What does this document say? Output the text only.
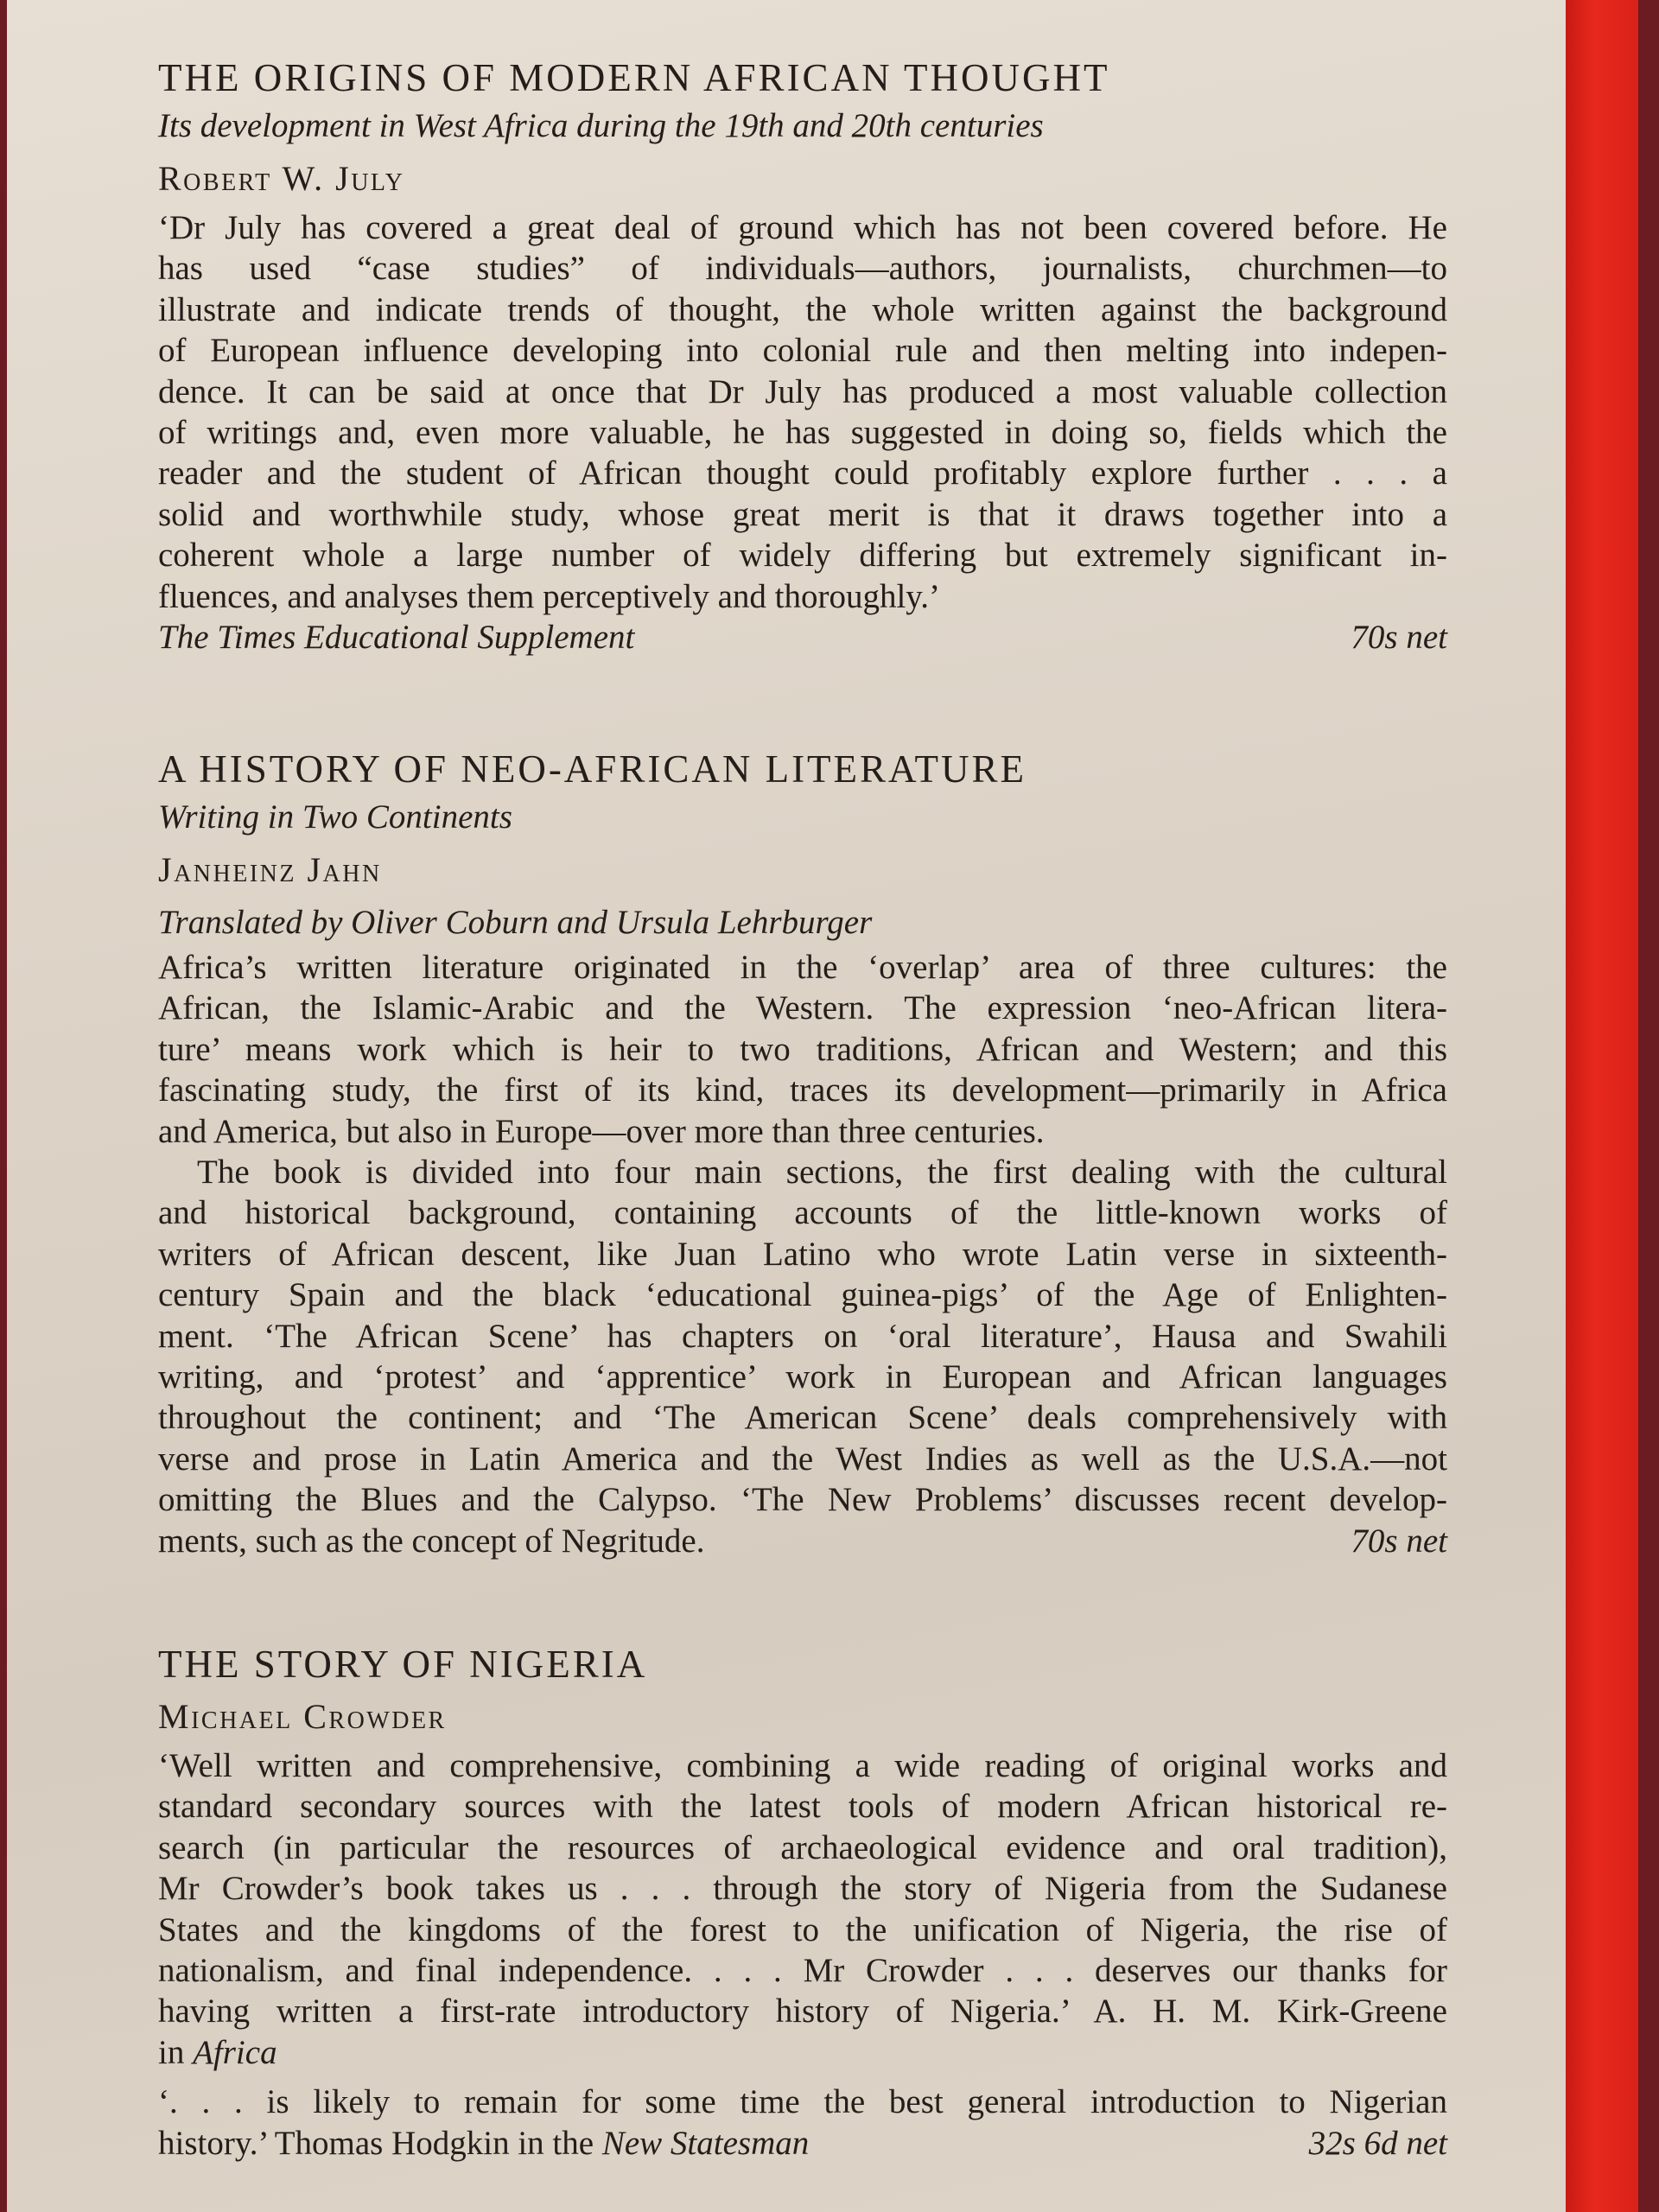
THE ORIGINS OF MODERN AFRICAN THOUGHT
Its development in West Africa during the 19th and 20th centuries
Robert W. July
‘Dr July has covered a great deal of ground which has not been covered before. He
has used “case studies” of individuals—authors, journalists, churchmen—to
illustrate and indicate trends of thought, the whole written against the background
of European influence developing into colonial rule and then melting into indepen-
dence. It can be said at once that Dr July has produced a most valuable collection
of writings and, even more valuable, he has suggested in doing so, fields which the
reader and the student of African thought could profitably explore further . . . a
solid and worthwhile study, whose great merit is that it draws together into a
coherent whole a large number of widely differing but extremely significant in-
fluences, and analyses them perceptively and thoroughly.’
The Times Educational Supplement	70s net
A HISTORY OF NEO-AFRICAN LITERATURE
Writing in Two Continents
Janheinz Jahn
Translated by Oliver Coburn and Ursula Lehrburger
Africa’s written literature originated in the ‘overlap’ area of three cultures: the
African, the Islamic-Arabic and the Western. The expression ‘neo-African litera-
ture’ means work which is heir to two traditions, African and Western; and this
fascinating study, the first of its kind, traces its development—primarily in Africa
and America, but also in Europe—over more than three centuries.
The book is divided into four main sections, the first dealing with the cultural
and historical background, containing accounts of the little-known works of
writers of African descent, like Juan Latino who wrote Latin verse in sixteenth-
century Spain and the black ‘educational guinea-pigs’ of the Age of Enlighten-
ment. ‘The African Scene’ has chapters on ‘oral literature’, Hausa and Swahili
writing, and ‘protest’ and ‘apprentice’ work in European and African languages
throughout the continent; and ‘The American Scene’ deals comprehensively with
verse and prose in Latin America and the West Indies as well as the U.S.A.—not
omitting the Blues and the Calypso. ‘The New Problems’ discusses recent develop-
ments, such as the concept of Negritude.	70s net
THE STORY OF NIGERIA
Michael Crowder
‘Well written and comprehensive, combining a wide reading of original works and
standard secondary sources with the latest tools of modern African historical re-
search (in particular the resources of archaeological evidence and oral tradition),
Mr Crowder’s book takes us . . . through the story of Nigeria from the Sudanese
States and the kingdoms of the forest to the unification of Nigeria, the rise of
nationalism, and final independence. . . . Mr Crowder . . . deserves our thanks for
having written a first-rate introductory history of Nigeria.’ A. H. M. Kirk-Greene
in Africa
‘. . . is likely to remain for some time the best general introduction to Nigerian
history.’ Thomas Hodgkin in the New Statesman	32s 6d net
